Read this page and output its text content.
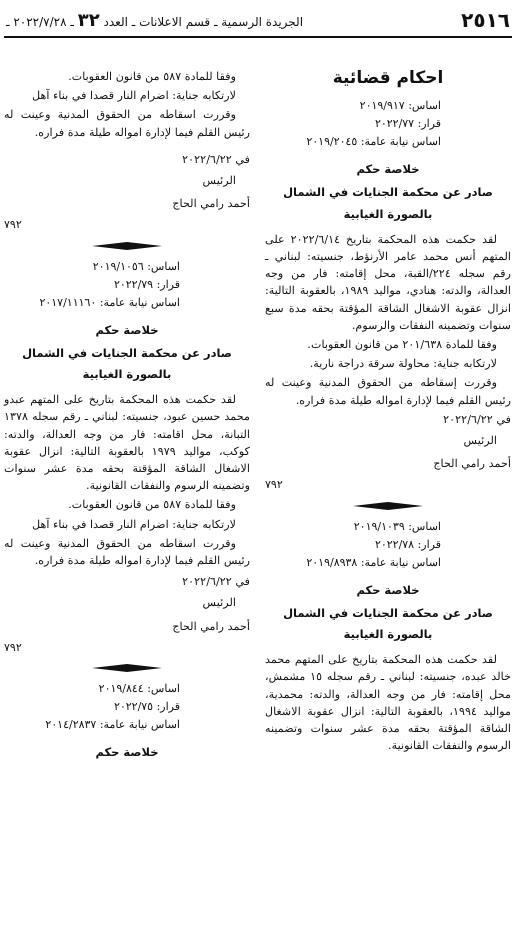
٢٥١٦
الجريدة الرسمية ـ قسم الاعلانات ـ العدد ٣٢ ـ ٢٠٢٢/٧/٢٨ ـ
احكام قضائية
اساس: ٢٠١٩/٩١٧
قرار: ٢٠٢٢/٧٧
اساس نيابة عامة: ٢٠١٩/٢٠٤٥
خلاصة حكم
صادر عن محكمة الجنايات في الشمال
بالصورة الغيابية

لقد حكمت هذه المحكمة بتاريخ ٢٠٢٢/٦/١٤ على المتهم أنس محمد عامر الأرنؤط، جنسيته: لبناني ـ رقم سجله ٢٢٤/القبة، محل إقامته: فار من وجه العدالة، والدته: هنادي، مواليد ١٩٨٩، بالعقوبة التالية: انزال عقوبة الاشغال الشاقة المؤقتة بحقه مدة سبع سنوات وتضمينه النفقات والرسوم.

وفقا للمادة ٢٠١/٦٣٨ من قانون العقوبات.

لارتكابه جناية: محاولة سرقة دراجة نارية.

وقررت إسقاطه من الحقوق المدنية وعينت له رئيس القلم فيما لإدارة امواله طيلة مدة فراره.

في ٢٠٢٢/٦/٢٢

الرئيس

أحمد رامي الحاج

٧٩٢
اساس: ٢٠١٩/١٠٣٩
قرار: ٢٠٢٢/٧٨
اساس نيابة عامة: ٢٠١٩/٨٩٣٨
خلاصة حكم
صادر عن محكمة الجنايات في الشمال
بالصورة الغيابية

لقد حكمت هذه المحكمة بتاريخ على المتهم محمد خالد عبده، جنسيته: لبناني ـ رقم سجله ١٥ مشمش، محل إقامته: فار من وجه العدالة، والدته: محمدية، مواليد ١٩٩٤، بالعقوبة التالية: انزال عقوبة الاشغال الشاقة المؤقتة بحقه مدة عشر سنوات وتضمينه الرسوم والنفقات القانونية.

وفقا للمادة ٥٨٧ من قانون العقوبات.

لارتكابه جناية: اضرام النار قصدا في بناء آهل

وقررت اسقاطه من الحقوق المدنية وعينت له رئيس القلم فيما لإدارة امواله طيلة مدة فراره.

في ٢٠٢٢/٦/٢٢

الرئيس

أحمد رامي الحاج

٧٩٢
اساس: ٢٠١٩/١٠٥٦
قرار: ٢٠٢٢/٧٩
اساس نيابة عامة: ٢٠١٧/١١١٦٠
خلاصة حكم
صادر عن محكمة الجنايات في الشمال
بالصورة الغيابية

لقد حكمت هذه المحكمة بتاريخ على المتهم عبدو محمد حسين عبود، جنسيته: لبناني ـ رقم سجله ١٣٧٨ التبانة، محل اقامته: فار من وجه العدالة، والدته: كوكب، مواليد ١٩٧٩ بالعقوبة التالية: انزال عقوبة الاشغال الشاقة المؤقتة بحقه مدة عشر سنوات وتضمينه الرسوم والنفقات القانونية.

وفقا للمادة ٥٨٧ من قانون العقوبات.

لارتكابه جناية: اضرام النار قصدا في بناء آهل

وقررت اسقاطه من الحقوق المدنية وعينت له رئيس القلم فيما لإدارة امواله طيلة مدة فراره.

في ٢٠٢٢/٦/٢٢

الرئيس

أحمد رامي الحاج

٧٩٢
اساس: ٢٠١٩/٨٤٤
قرار: ٢٠٢٢/٧٥
اساس نيابة عامة: ٢٠١٤/٢٨٣٧
خلاصة حكم
